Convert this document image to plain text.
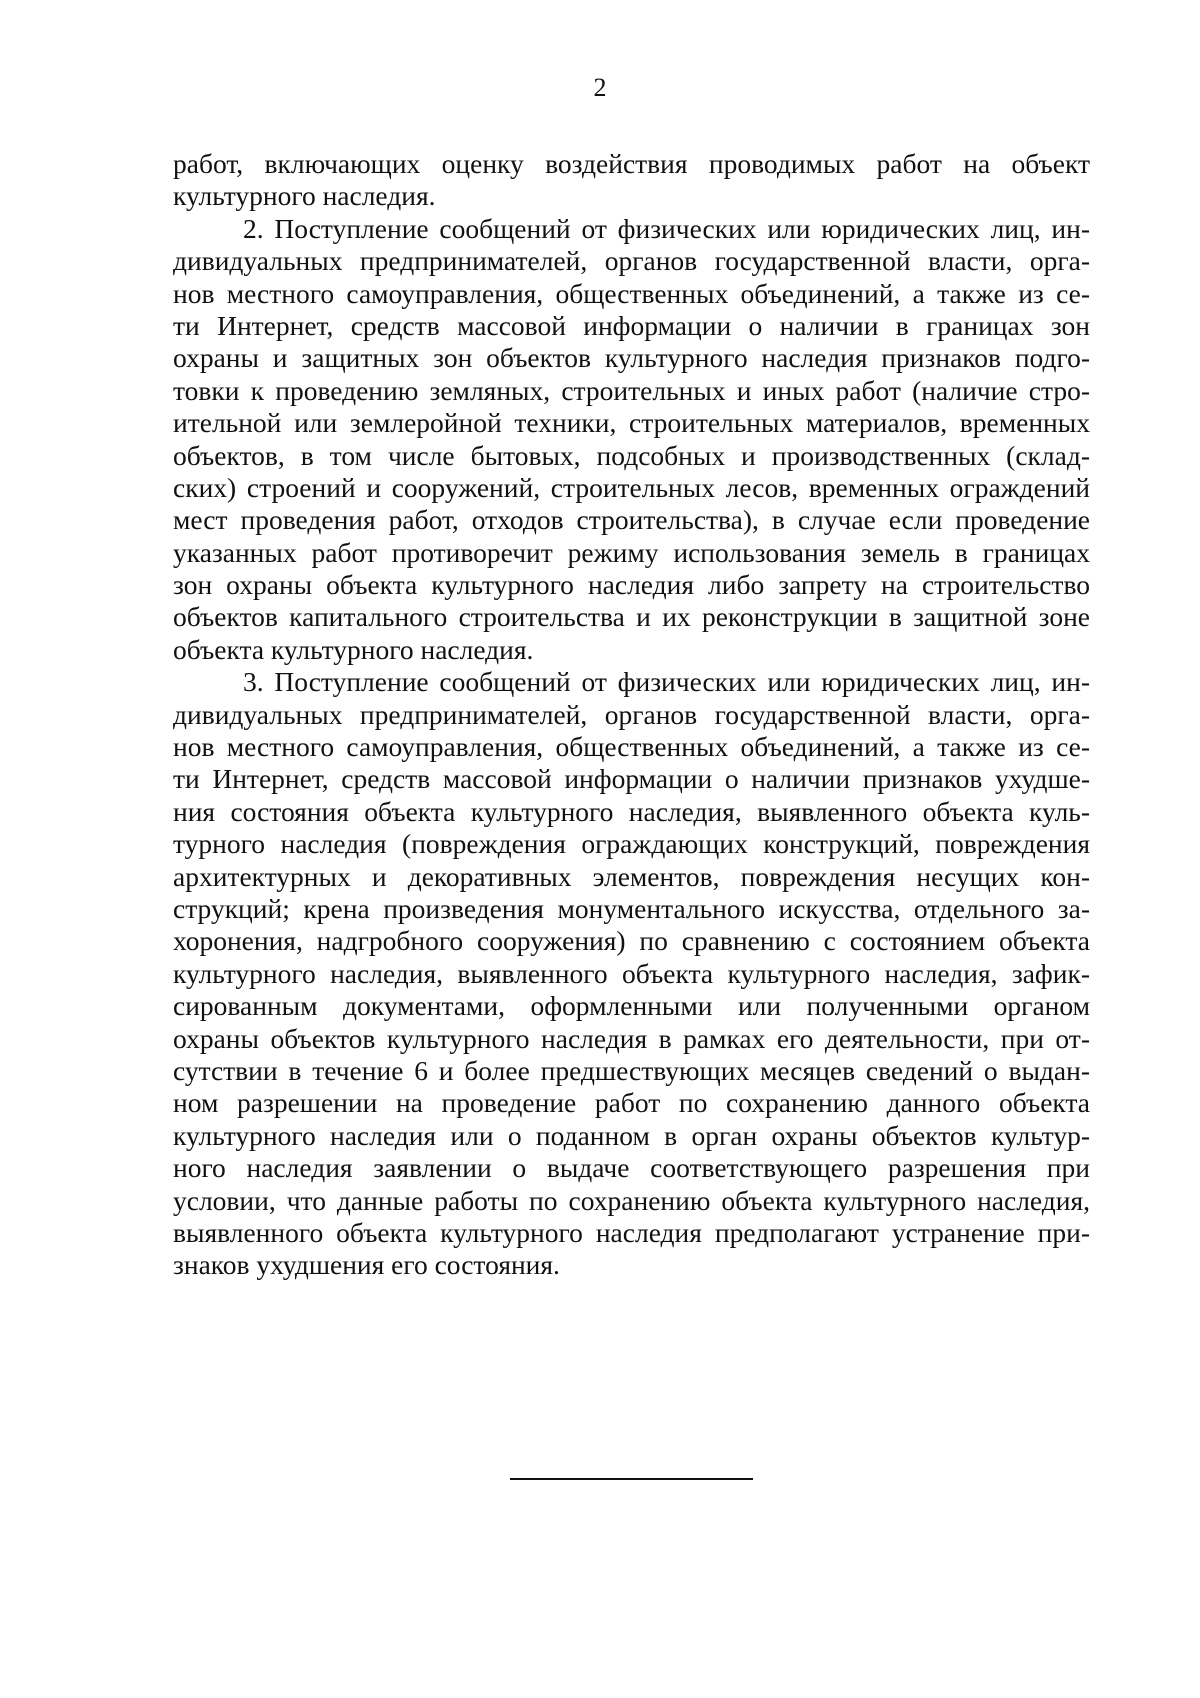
2
работ, включающих оценку воздействия проводимых работ на объект
культурного наследия.
2. Поступление сообщений от физических или юридических лиц, ин-
дивидуальных предпринимателей, органов государственной власти, орга-
нов местного самоуправления, общественных объединений, а также из се-
ти Интернет, средств массовой информации о наличии в границах зон
охраны и защитных зон объектов культурного наследия признаков подго-
товки к проведению земляных, строительных и иных работ (наличие стро-
ительной или землеройной техники, строительных материалов, временных
объектов, в том числе бытовых, подсобных и производственных (склад-
ских) строений и сооружений, строительных лесов, временных ограждений
мест проведения работ, отходов строительства), в случае если проведение
указанных работ противоречит режиму использования земель в границах
зон охраны объекта культурного наследия либо запрету на строительство
объектов капитального строительства и их реконструкции в защитной зоне
объекта культурного наследия.
3. Поступление сообщений от физических или юридических лиц, ин-
дивидуальных предпринимателей, органов государственной власти, орга-
нов местного самоуправления, общественных объединений, а также из се-
ти Интернет, средств массовой информации о наличии признаков ухудше-
ния состояния объекта культурного наследия, выявленного объекта куль-
турного наследия (повреждения ограждающих конструкций, повреждения
архитектурных и декоративных элементов, повреждения несущих кон-
струкций; крена произведения монументального искусства, отдельного за-
хоронения, надгробного сооружения) по сравнению с состоянием объекта
культурного наследия, выявленного объекта культурного наследия, зафик-
сированным документами, оформленными или полученными органом
охраны объектов культурного наследия в рамках его деятельности, при от-
сутствии в течение 6 и более предшествующих месяцев сведений о выдан-
ном разрешении на проведение работ по сохранению данного объекта
культурного наследия или о поданном в орган охраны объектов культур-
ного наследия заявлении о выдаче соответствующего разрешения при
условии, что данные работы по сохранению объекта культурного наследия,
выявленного объекта культурного наследия предполагают устранение при-
знаков ухудшения его состояния.
